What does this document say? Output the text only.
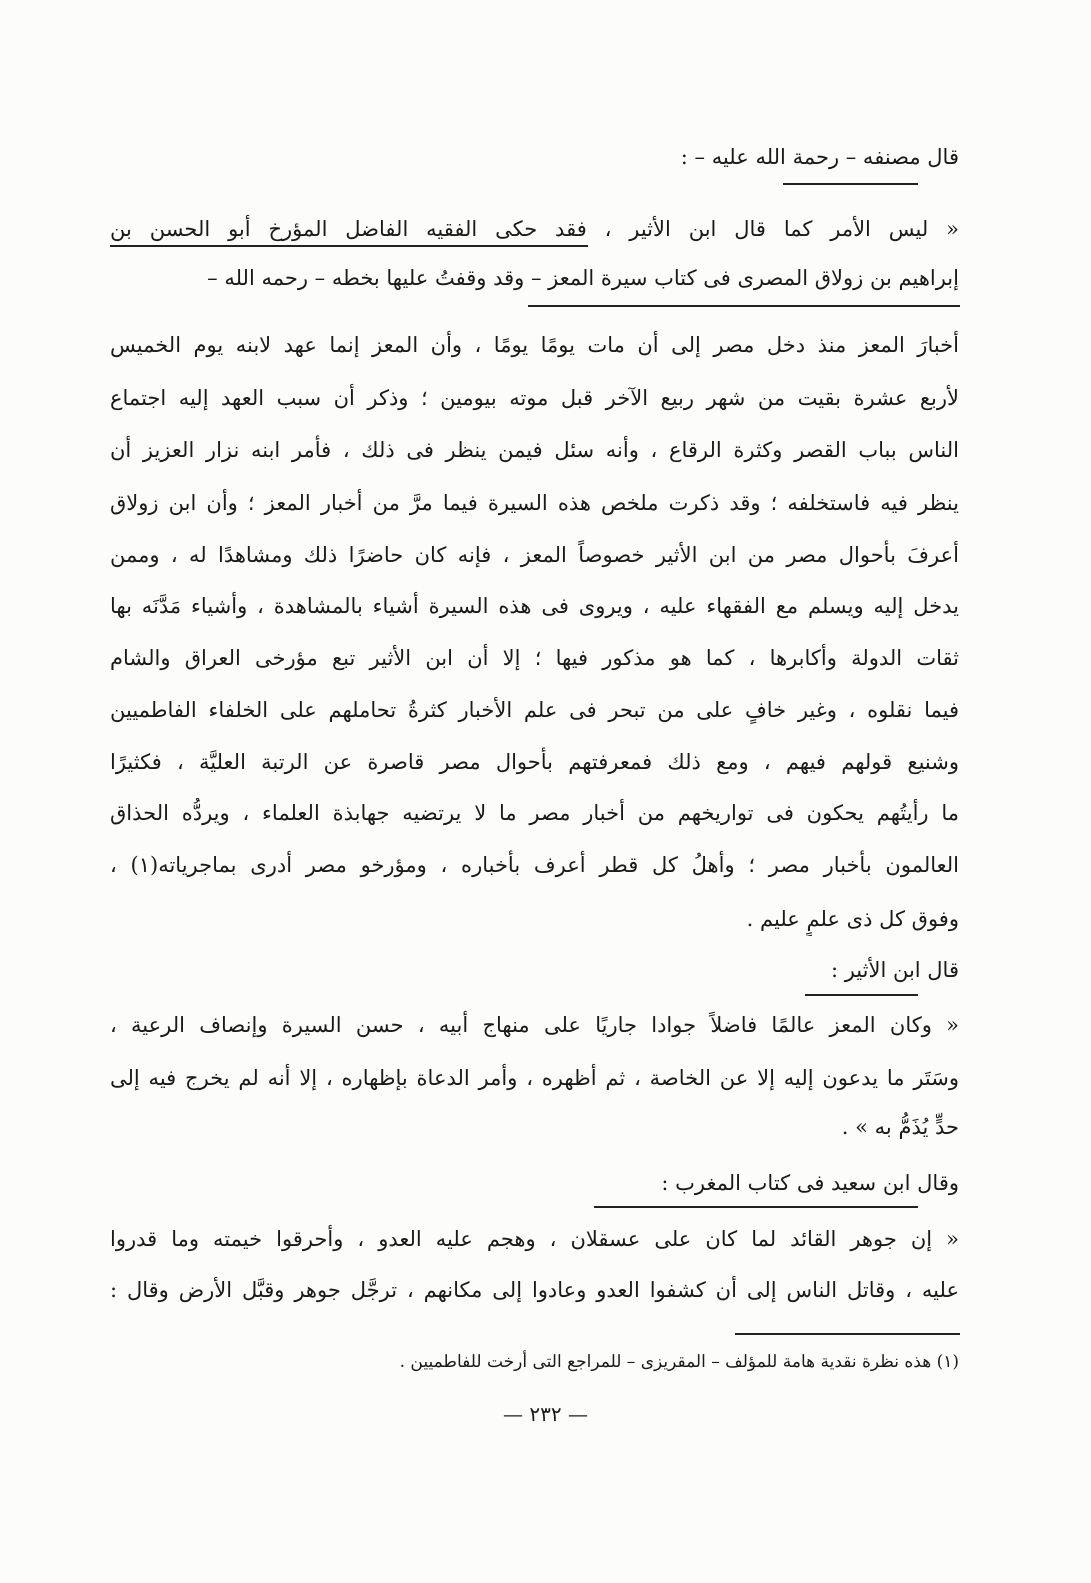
قال مصنفه – رحمة الله عليه – :
« ليس الأمر كما قال ابن الأثير ، فقد حكى الفقيه الفاضل المؤرخ أبو الحسن بن
إبراهيم بن زولاق المصرى فى كتاب سيرة المعز – وقد وقفتُ عليها بخطه – رحمه الله –
أخبارَ المعز منذ دخل مصر إلى أن مات يومًا يومًا ، وأن المعز إنما عهد لابنه يوم الخميس
لأربع عشرة بقيت من شهر ربيع الآخر قبل موته بيومين ؛ وذكر أن سبب العهد إليه اجتماع
الناس بباب القصر وكثرة الرقاع ، وأنه سئل فيمن ينظر فى ذلك ، فأمر ابنه نزار العزيز أن
ينظر فيه فاستخلفه ؛ وقد ذكرت ملخص هذه السيرة فيما مرَّ من أخبار المعز ؛ وأن ابن زولاق
أعرفَ بأحوال مصر من ابن الأثير خصوصاً المعز ، فإنه كان حاضرًا ذلك ومشاهدًا له ، وممن
يدخل إليه ويسلم مع الفقهاء عليه ، ويروى فى هذه السيرة أشياء بالمشاهدة ، وأشياء مَدَّنَه بها
ثقات الدولة وأكابرها ، كما هو مذكور فيها ؛ إلا أن ابن الأثير تبع مؤرخى العراق والشام
فيما نقلوه ، وغير خافٍ على من تبحر فى علم الأخبار كثرةُ تحاملهم على الخلفاء الفاطميين
وشنيع قولهم فيهم ، ومع ذلك فمعرفتهم بأحوال مصر قاصرة عن الرتبة العليَّة ، فكثيرًا
ما رأيتُهم يحكون فى تواريخهم من أخبار مصر ما لا يرتضيه جهابذة العلماء ، ويردُّه الحذاق
العالمون بأخبار مصر ؛ وأهلُ كل قطر أعرف بأخباره ، ومؤرخو مصر أدرى بماجرياته(١) ،
وفوق كل ذى علمٍ عليم .
قال ابن الأثير :
« وكان المعز عالمًا فاضلاً جوادا جاريًا على منهاج أبيه ، حسن السيرة وإنصاف الرعية ،
وسَتَر ما يدعون إليه إلا عن الخاصة ، ثم أظهره ، وأمر الدعاة بإظهاره ، إلا أنه لم يخرج فيه إلى
حدٍّ يُذَمُّ به » .
وقال ابن سعيد فى كتاب المغرب :
« إن جوهر القائد لما كان على عسقلان ، وهجم عليه العدو ، وأحرقوا خيمته وما قدروا
عليه ، وقاتل الناس إلى أن كشفوا العدو وعادوا إلى مكانهم ، ترجَّل جوهر وقبَّل الأرض وقال :
(١) هذه نظرة نقدية هامة للمؤلف – المقريزى – للمراجع التى أرخت للفاطميين .
— ٢٣٢ —
